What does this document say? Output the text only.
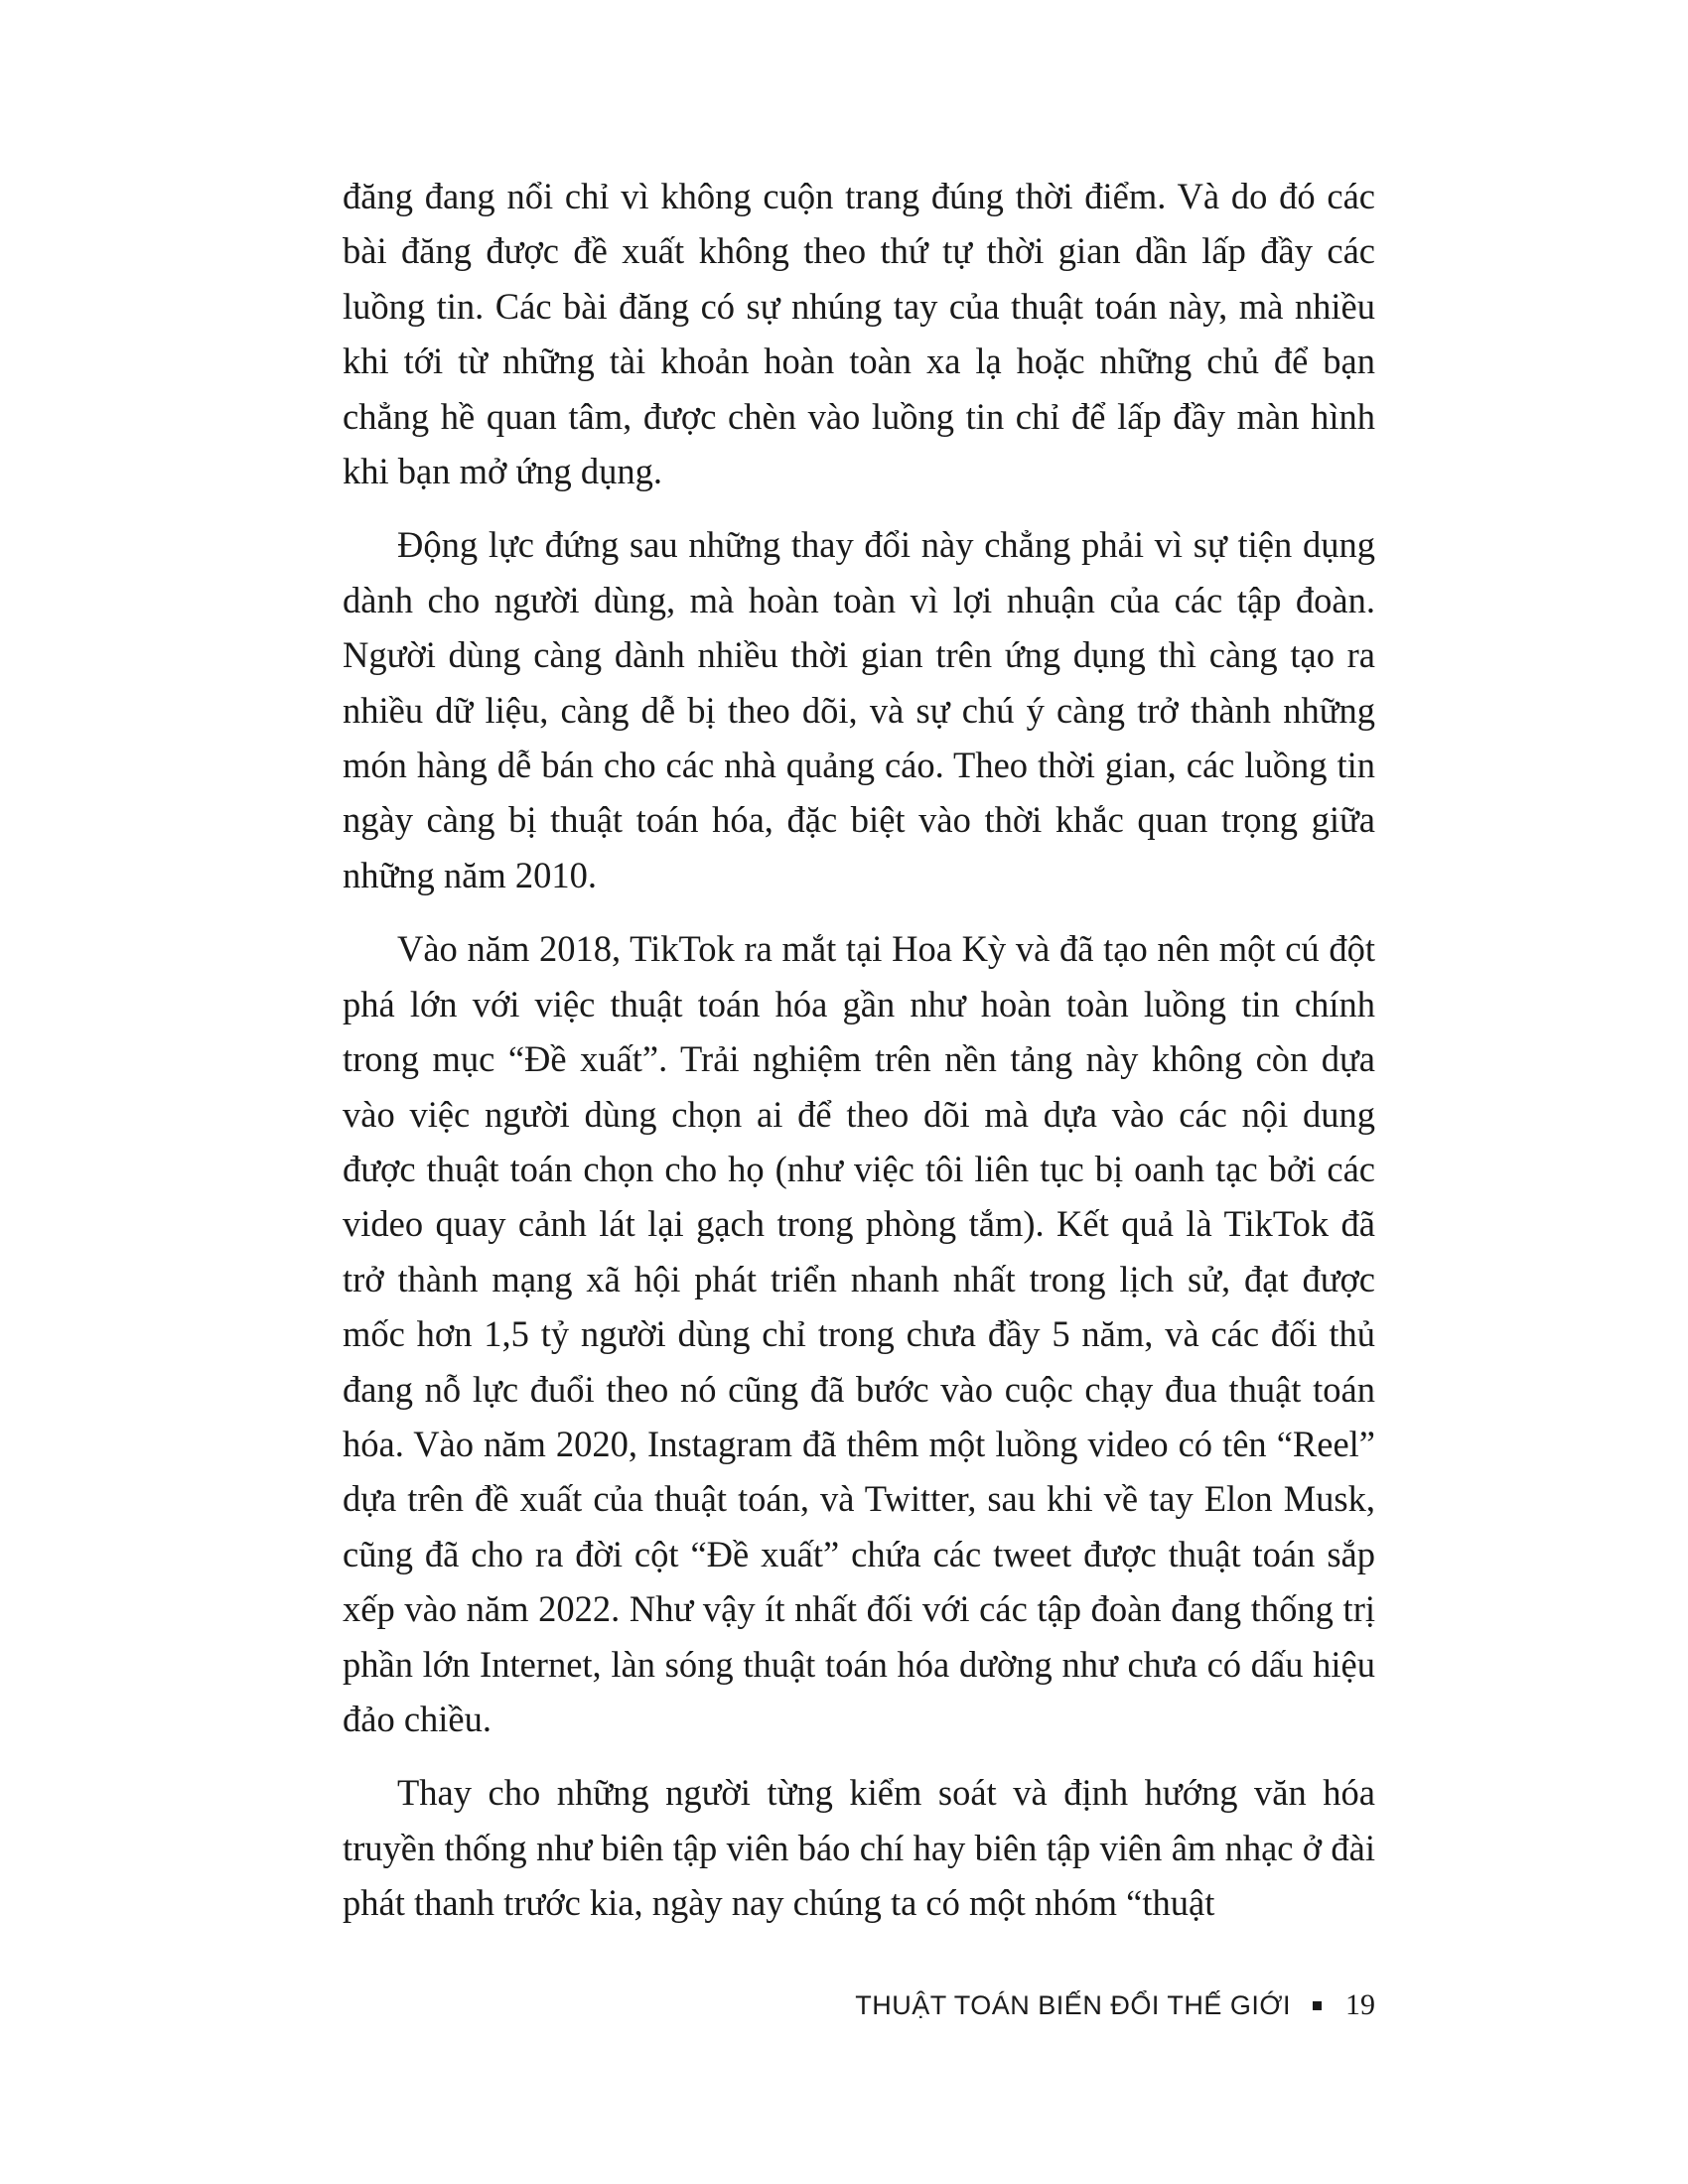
đăng đang nổi chỉ vì không cuộn trang đúng thời điểm. Và do đó các bài đăng được đề xuất không theo thứ tự thời gian dần lấp đầy các luồng tin. Các bài đăng có sự nhúng tay của thuật toán này, mà nhiều khi tới từ những tài khoản hoàn toàn xa lạ hoặc những chủ để bạn chẳng hề quan tâm, được chèn vào luồng tin chỉ để lấp đầy màn hình khi bạn mở ứng dụng.

Động lực đứng sau những thay đổi này chẳng phải vì sự tiện dụng dành cho người dùng, mà hoàn toàn vì lợi nhuận của các tập đoàn. Người dùng càng dành nhiều thời gian trên ứng dụng thì càng tạo ra nhiều dữ liệu, càng dễ bị theo dõi, và sự chú ý càng trở thành những món hàng dễ bán cho các nhà quảng cáo. Theo thời gian, các luồng tin ngày càng bị thuật toán hóa, đặc biệt vào thời khắc quan trọng giữa những năm 2010.

Vào năm 2018, TikTok ra mắt tại Hoa Kỳ và đã tạo nên một cú đột phá lớn với việc thuật toán hóa gần như hoàn toàn luồng tin chính trong mục “Đề xuất”. Trải nghiệm trên nền tảng này không còn dựa vào việc người dùng chọn ai để theo dõi mà dựa vào các nội dung được thuật toán chọn cho họ (như việc tôi liên tục bị oanh tạc bởi các video quay cảnh lát lại gạch trong phòng tắm). Kết quả là TikTok đã trở thành mạng xã hội phát triển nhanh nhất trong lịch sử, đạt được mốc hơn 1,5 tỷ người dùng chỉ trong chưa đầy 5 năm, và các đối thủ đang nỗ lực đuổi theo nó cũng đã bước vào cuộc chạy đua thuật toán hóa. Vào năm 2020, Instagram đã thêm một luồng video có tên “Reel” dựa trên đề xuất của thuật toán, và Twitter, sau khi về tay Elon Musk, cũng đã cho ra đời cột “Đề xuất” chứa các tweet được thuật toán sắp xếp vào năm 2022. Như vậy ít nhất đối với các tập đoàn đang thống trị phần lớn Internet, làn sóng thuật toán hóa dường như chưa có dấu hiệu đảo chiều.

Thay cho những người từng kiểm soát và định hướng văn hóa truyền thống như biên tập viên báo chí hay biên tập viên âm nhạc ở đài phát thanh trước kia, ngày nay chúng ta có một nhóm “thuật

THUẬT TOÁN BIẾN ĐỔI THẾ GIỚI 19
